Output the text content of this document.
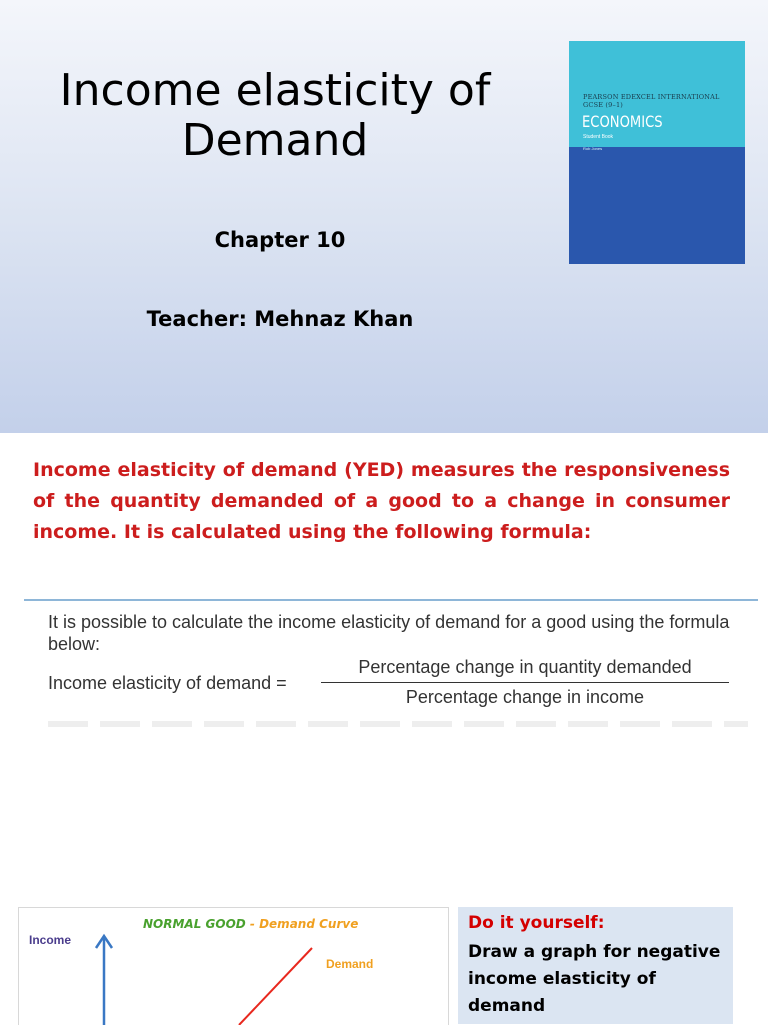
Income elasticity of
Demand
Chapter 10
Teacher: Mehnaz Khan
PEARSON EDEXCEL INTERNATIONAL
GCSE (9–1)
ECONOMICS
Student Book
Rob Jones
Income elasticity of demand (YED) measures the responsiveness of the quantity demanded of a good to a change in consumer income. It is calculated using the following formula:
It is possible to calculate the income elasticity of demand for a good using the formula below:
Income elasticity of demand =
Percentage change in quantity demanded
Percentage change in income
NORMAL GOOD - Demand Curve
Income
Demand
Do it yourself:
Draw a graph for negative income elasticity of demand
